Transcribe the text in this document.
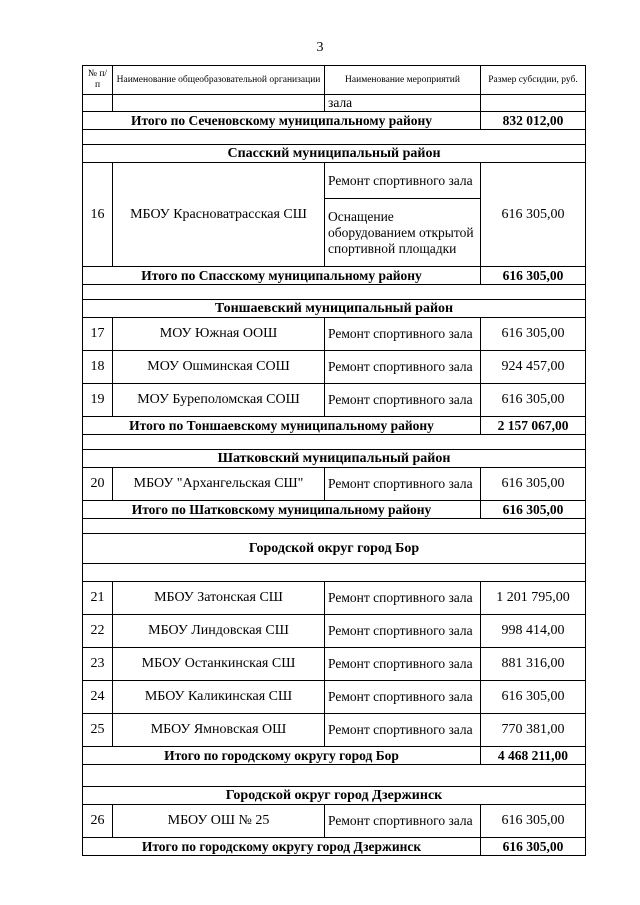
3
№ п/п	Наименование общеобразовательной организации	Наименование мероприятий	Размер субсидии, руб.
		зала	
Итого по Сеченовскому муниципальному району			832 012,00

Спасский муниципальный район			
16	МБОУ Красноватрасская СШ	Ремонт спортивного зала	616 305,00
		Оснащение оборудованием открытой спортивной площадки	
Итого по Спасскому муниципальному району			616 305,00

Тоншаевский муниципальный район			
17	МОУ Южная ООШ	Ремонт спортивного зала	616 305,00
18	МОУ Ошминская СОШ	Ремонт спортивного зала	924 457,00
19	МОУ Буреполомская СОШ	Ремонт спортивного зала	616 305,00
Итого по Тоншаевскому муниципальному району			2 157 067,00

Шатковский муниципальный район			
20	МБОУ "Архангельская СШ"	Ремонт спортивного зала	616 305,00
Итого по Шатковскому муниципальному району			616 305,00

Городской округ город Бор			

21	МБОУ Затонская СШ	Ремонт спортивного зала	1 201 795,00
22	МБОУ Линдовская СШ	Ремонт спортивного зала	998 414,00
23	МБОУ Останкинская СШ	Ремонт спортивного зала	881 316,00
24	МБОУ Каликинская СШ	Ремонт спортивного зала	616 305,00
25	МБОУ Ямновская ОШ	Ремонт спортивного зала	770 381,00
Итого по городскому округу город Бор			4 468 211,00

Городской округ город Дзержинск			
26	МБОУ ОШ № 25	Ремонт спортивного зала	616 305,00
Итого по городскому округу город Дзержинск			616 305,00
